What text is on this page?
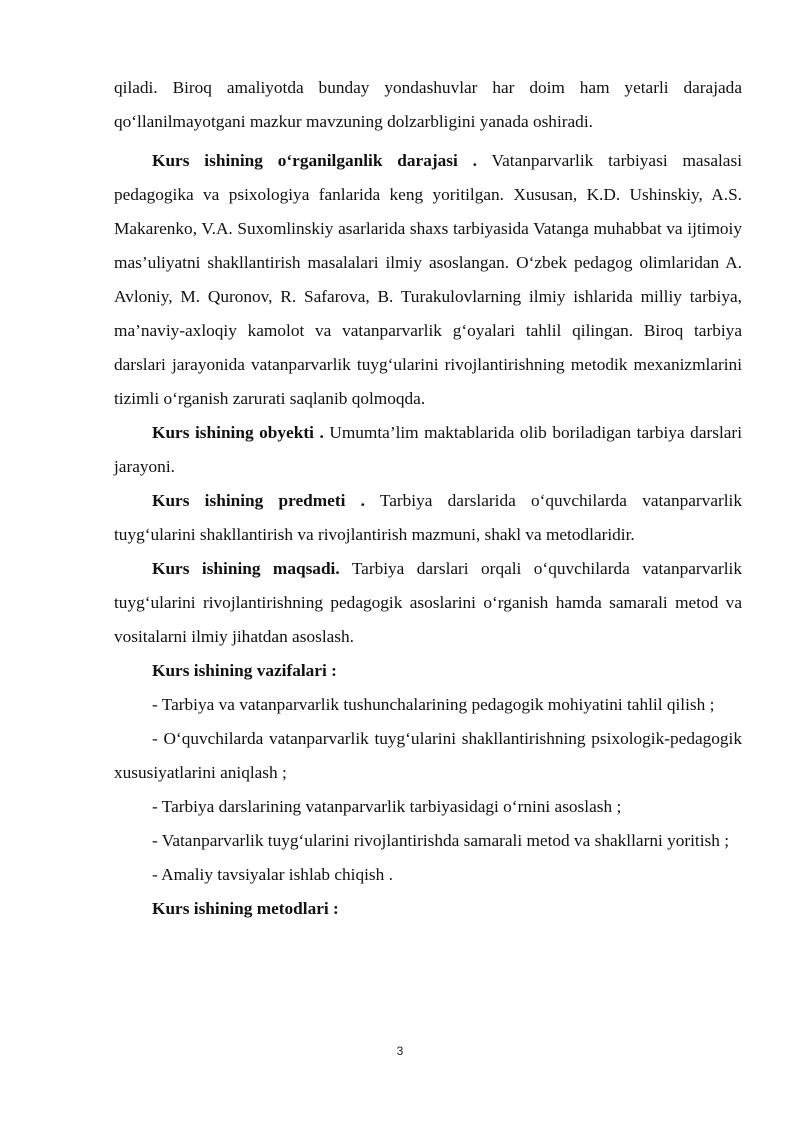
qiladi. Biroq amaliyotda bunday yondashuvlar har doim ham yetarli darajada qo‘llanilmayotgani mazkur mavzuning dolzarbligini yanada oshiradi.

Kurs ishining o‘rganilganlik darajasi . Vatanparvarlik tarbiyasi masalasi pedagogika va psixologiya fanlarida keng yoritilgan. Xususan, K.D. Ushinskiy, A.S. Makarenko, V.A. Suxomlinskiy asarlarida shaxs tarbiyasida Vatanga muhabbat va ijtimoiy mas’uliyatni shakllantirish masalalari ilmiy asoslangan. O‘zbek pedagog olimlaridan A. Avloniy, M. Quronov, R. Safarova, B. Turakulovlarning ilmiy ishlarida milliy tarbiya, ma’naviy-axloqiy kamolot va vatanparvarlik g‘oyalari tahlil qilingan. Biroq tarbiya darslari jarayonida vatanparvarlik tuyg‘ularini rivojlantirishning metodik mexanizmlarini tizimli o‘rganish zarurati saqlanib qolmoqda.

Kurs ishining obyekti . Umumta’lim maktablarida olib boriladigan tarbiya darslari jarayoni.

Kurs ishining predmeti . Tarbiya darslarida o‘quvchilarda vatanparvarlik tuyg‘ularini shakllantirish va rivojlantirish mazmuni, shakl va metodlaridir.

Kurs ishining maqsadi. Tarbiya darslari orqali o‘quvchilarda vatanparvarlik tuyg‘ularini rivojlantirishning pedagogik asoslarini o‘rganish hamda samarali metod va vositalarni ilmiy jihatdan asoslash.

Kurs ishining vazifalari :

- Tarbiya va vatanparvarlik tushunchalarining pedagogik mohiyatini tahlil qilish ;

- O‘quvchilarda vatanparvarlik tuyg‘ularini shakllantirishning psixologik-pedagogik xususiyatlarini aniqlash ;

- Tarbiya darslarining vatanparvarlik tarbiyasidagi o‘rnini asoslash ;

- Vatanparvarlik tuyg‘ularini rivojlantirishda samarali metod va shakllarni yoritish ;

- Amaliy tavsiyalar ishlab chiqish .

Kurs ishining metodlari :

3
